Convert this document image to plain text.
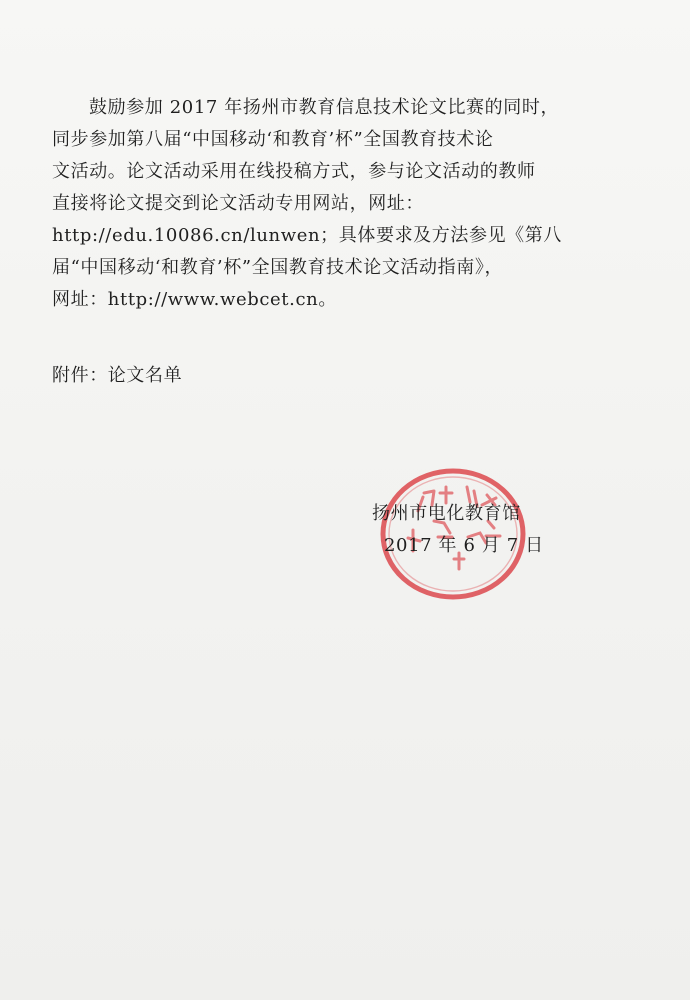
鼓励参加 2017 年扬州市教育信息技术论文比赛的同时，
同步参加第八届“中国移动‘和教育’杯”全国教育技术论
文活动。论文活动采用在线投稿方式，参与论文活动的教师
直接将论文提交到论文活动专用网站，网址：
http://edu.10086.cn/lunwen；具体要求及方法参见《第八
届“中国移动‘和教育’杯”全国教育技术论文活动指南》，
网址：http://www.webcet.cn。
附件：论文名单
扬州市电化教育馆
2017 年 6 月 7 日
